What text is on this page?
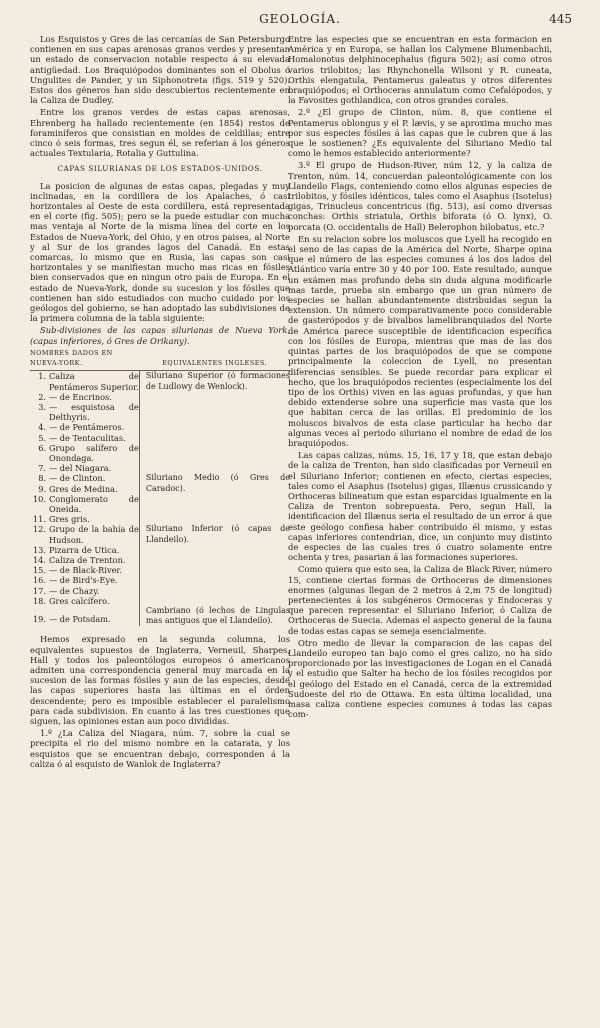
GEOLOGÍA.	445

Los Esquistos y Gres de las cercanías de San Petersburgo contienen en sus capas arenosas granos verdes y presentan un estado de conservacion notable respecto á su elevada antigüedad. Los Braquiópodos dominantes son el Obolus ó Ungulites de Pander, y un Siphonotreta (figs. 519 y 520). Estos dos géneros han sido descubiertos recientemente en la Caliza de Dudley.

Entre los granos verdes de estas capas arenosas, Ehrenberg ha hallado recientemente (en 1854) restos de foraminíferos que consistian en moldes de celdillas; entre cinco ó seis formas, tres segun él, se referian á los géneros actuales Textularia, Rotalia y Guttulina.

CAPAS SILURIANAS DE LOS ESTADOS-UNIDOS.

La posicion de algunas de estas capas, plegadas y muy inclinadas, en la cordillera de los Apalaches, ó casi horizontales al Oeste de esta cordillera, está representada en el corte (fig. 505); pero se la puede estudiar con mucha mas ventaja al Norte de la misma línea del corte en los Estados de Nueva-York, del Ohio, y en otros paises, al Norte y al Sur de los grandes lagos del Canadá. En estas comarcas, lo mismo que en Rusia, las capas son casi horizontales y se manifiestan mucho mas ricas en fósiles bien conservados que en ningun otro país de Europa. En el estado de Nueva-York, donde su sucesion y los fósiles que contienen han sido estudiados con mucho cuidado por los geólogos del gobierno, se han adoptado las subdivisiones de la primera columna de la tabla siguiente:

Sub-divisiones de las capas silurianas de Nueva York, (capas inferiores, ó Gres de Orikany).

NOMBRES DADOS EN NUEVA-YORK.		EQUIVALENTES INGLESES.
1.	Caliza de Pentámeros Superior.	Siluriano Superior (ó formaciones de Ludlowy de Wenlock).
2.	— de Encrinos.	
3.	— esquistosa de Delthyris.	
4.	— de Pentámeros.	
5.	— de Tentaculitas.	
6.	Grupo salífero de Onondaga.	
7.	— del Niagara.	
8.	— de Clinton.	Siluriano Medio (ó Gres de Caradoc).
9.	Gres de Medina.	
10.	Conglomerato de Oneida.	
11.	Gres gris.	
12.	Grupo de la bahía de Hudson.	Siluriano Inferior (ó capas de Llandeilo).
13.	Pizarra de Utica.	
14.	Caliza de Trenton.	
15.	— de Black-River.	
16.	— de Bird's-Eye.	
17.	— de Chazy.	
18.	Gres calcífero.	
		Cambriano (ó lechos de Lingulas mas antiguos que el Llandeilo).
19.	— de Potsdam.	

Hemos expresado en la segunda columna, los equivalentes supuestos de Inglaterra, Verneuil, Sharpes, Hall y todos los paleontólogos europeos ó americanos admiten una correspondencia general muy marcada en la sucesion de las formas fósiles y aun de las especies, desde las capas superiores hasta las últimas en el órden descendente; pero es imposible establecer el paralelismo para cada subdivision. En cuanto á las tres cuestiones que siguen, las opiniones estan aun poco divididas.

1.º ¿La Caliza del Niagara, núm. 7, sobre la cual se precipita el rio del mismo nombre en la catarata, y los esquistos que se encuentran debajo, corresponden á la caliza ó al esquisto de Wanlok de Inglaterra?

Entre las especies que se encuentran en esta formacion en América y en Europa, se hallan los Calymene Blumenbachii, Homalonotus delphinocephalus (figura 502); así como otros varios trilobitos; las Rhynchonella Wilsoni y R. cuneata, Orthis elengatula, Pentamerus galeatus y otros diferentes braquiópodos; el Orthoceras annulatum como Cefalópodos, y la Favosites gothlandica, con otros grandes corales.

2.º ¿El grupo de Clinton, núm. 8, que contiene el Pentamerus oblongus y el P. lævis, y se aproxima mucho mas por sus especies fósiles á las capas que le cubren que á las que le sostienen? ¿Es equivalente del Siluriano Medio tal como le hemos establecido anteriormente?

3.º El grupo de Hudson-River, núm 12, y la caliza de Trenton, núm. 14, concuerdan paleontológicamente con los Llandeilo Flags, conteniendo como ellos algunas especies de trilobitos, y fósiles idénticos, tales como el Asaphus (Isotelus) gigas, Trinucleus concentricus (fig. 513), así como diversas conchas: Orthis striatula, Orthis biforata (ó O. lynx), O. porcata (O. occidentalis de Hall) Belerophon bilobatus, etc.?

En su relacion sobre los moluscos que Lyell ha recogido en el seno de las capas de la América del Norte, Sharpe opina que el número de las especies comunes á los dos lados del Atlántico varía entre 30 y 40 por 100. Este resultado, aunque un exámen mas profundo deba sin duda alguna modificarle mas tarde, prueba sin embargo que un gran número de especies se hallan abundantemente distribuidas segun la extension. Un número comparativamente poco considerable de gasterópodos y de bivalbos lamelibranquiados del Norte de América parece susceptible de identificacion específica con los fósiles de Europa, mientras que mas de las dos quintas partes de los braquiópodos de que se compone principalmente la coleccion de Lyell, no presentan diferencias sensibles. Se puede recordar para explicar el hecho, que los braquiópodos recientes (especialmente los del tipo de los Orthis) viven en las aguas profundas, y que han debido extenderse sobre una superficie mas vasta que los que habitan cerca de las orillas. El predominio de los moluscos bivalvos de esta clase particular ha hecho dar algunas veces al periodo siluriano el nombre de edad de los braquiópodos.

Las capas calizas, núms. 15, 16, 17 y 18, que estan debajo de la caliza de Trenton, han sido clasificadas por Verneuil en el Siluriano Inferior; contienen en efecto, ciertas especies, tales como el Asaphus (Isotelus) gigas, Illænus crussicando y Orthoceras bilineatum que estan esparcidas igualmente en la Caliza de Trenton sobrepuesta. Pero, segun Hall, la identificacion del Illænus seria el resultado de un error á que este geólogo confiesa haber contribuido él mismo, y estas capas inferiores contendrian, dice, un conjunto muy distinto de especies de las cuales tres ó cuatro solamente entre ochenta y tres, pasarian á las formaciones superiores.

Como quiera que esto sea, la Caliza de Black River, número 15, contiene ciertas formas de Orthoceras de dimensiones enormes (algunas llegan de 2 metros á 2,m 75 de longitud) pertenecientes á los subgéneros Ormoceras y Endoceras y que parecen representar el Siluriano Inferior, ó Caliza de Orthoceras de Suecia. Ademas el aspecto general de la fauna de todas estas capas se semeja esencialmente.

Otro medio de llevar la comparacion de las capas del Llandeilo europeo tan bajo como el gres calizo, no ha sido proporcionado por las investigaciones de Logan en el Canadá y el estudio que Salter ha hecho de los fósiles recogidos por el geólogo del Estado en el Canadá, cerca de la extremidad Sudoeste del rio de Ottawa. En esta última localidad, una masa caliza contiene especies comunes á todas las capas com-
